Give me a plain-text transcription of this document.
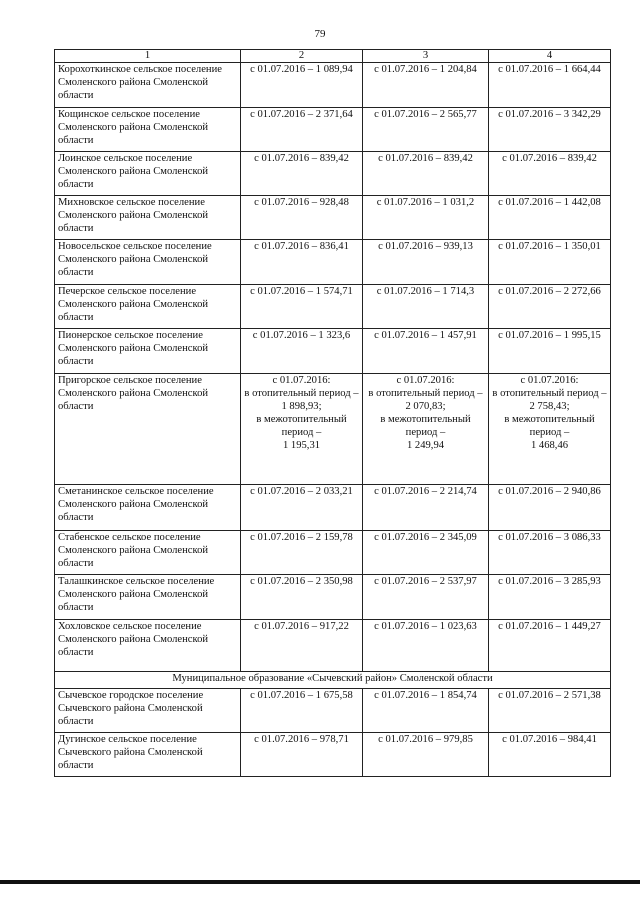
79
1	2	3	4
Корохоткинское сельское поселение Смоленского района Смоленской области	с 01.07.2016 – 1 089,94	с 01.07.2016 – 1 204,84	с 01.07.2016 – 1 664,44
Кощинское сельское поселение Смоленского района Смоленской области	с 01.07.2016 – 2 371,64	с 01.07.2016 – 2 565,77	с 01.07.2016 – 3 342,29
Лоинское сельское поселение Смоленского района Смоленской области	с 01.07.2016 – 839,42	с 01.07.2016 – 839,42	с 01.07.2016 – 839,42
Михновское сельское поселение Смоленского района Смоленской области	с 01.07.2016 – 928,48	с 01.07.2016 – 1 031,2	с 01.07.2016 – 1 442,08
Новосельское сельское поселение Смоленского района Смоленской области	с 01.07.2016 – 836,41	с 01.07.2016 – 939,13	с 01.07.2016 – 1 350,01
Печерское сельское поселение Смоленского района Смоленской области	с 01.07.2016 – 1 574,71	с 01.07.2016 – 1 714,3	с 01.07.2016 – 2 272,66
Пионерское сельское поселение Смоленского района Смоленской области	с 01.07.2016 – 1 323,6	с 01.07.2016 – 1 457,91	с 01.07.2016 – 1 995,15
Пригорское сельское поселение Смоленского района Смоленской области	с 01.07.2016:
в отопительный период –
1 898,93;
в межотопительный период –
1 195,31	с 01.07.2016:
в отопительный период –
2 070,83;
в межотопительный период –
1 249,94	с 01.07.2016:
в отопительный период –
2 758,43;
в межотопительный период –
1 468,46
Сметанинское сельское поселение Смоленского района Смоленской области	с 01.07.2016 – 2 033,21	с 01.07.2016 – 2 214,74	с 01.07.2016 – 2 940,86
Стабенское сельское поселение Смоленского района Смоленской области	с 01.07.2016 – 2 159,78	с 01.07.2016 – 2 345,09	с 01.07.2016 – 3 086,33
Талашкинское сельское поселение Смоленского района Смоленской области	с 01.07.2016 – 2 350,98	с 01.07.2016 – 2 537,97	с 01.07.2016 – 3 285,93
Хохловское сельское поселение Смоленского района Смоленской области	с 01.07.2016 – 917,22	с 01.07.2016 – 1 023,63	с 01.07.2016 – 1 449,27
Муниципальное образование «Сычевский район» Смоленской области			
Сычевское городское поселение Сычевского района Смоленской области	с 01.07.2016 – 1 675,58	с 01.07.2016 – 1 854,74	с 01.07.2016 – 2 571,38
Дугинское сельское поселение Сычевского района Смоленской области	с 01.07.2016 – 978,71	с 01.07.2016 – 979,85	с 01.07.2016 – 984,41
